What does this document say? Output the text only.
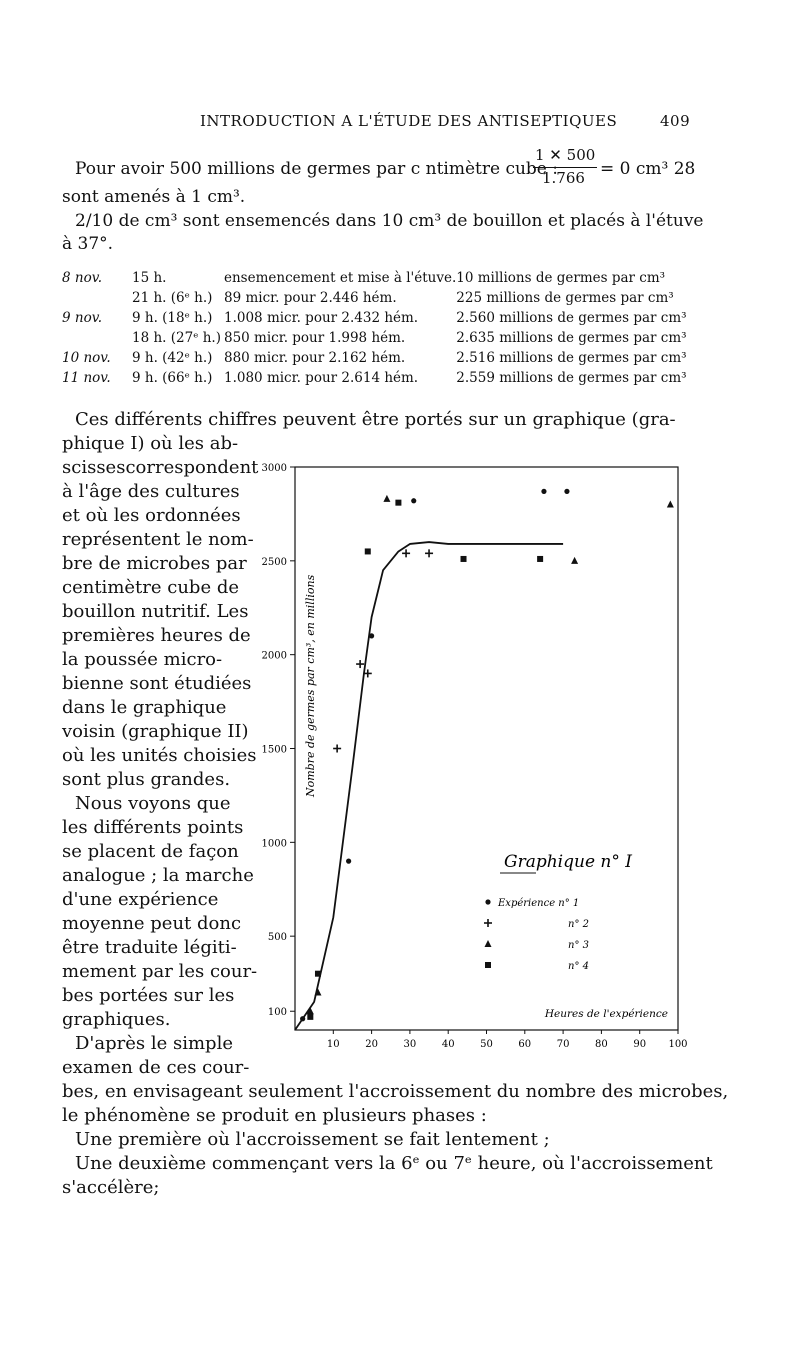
INTRODUCTION A L'ÉTUDE DES ANTISEPTIQUES	409
Pour avoir 500 millions de germes par c ntimètre cube :
1 ✕ 500
1.766 = 0 cm³ 28
sont amenés à 1 cm³.
2/10 de cm³ sont ensemencés dans 10 cm³ de bouillon et placés à l'étuve
à 37°.
8 nov.	15 h.	ensemencement et mise à l'étuve.	10 millions de germes par cm³
	21 h. (6ᵉ h.)	89 micr. pour 2.446 hém.	225 millions de germes par cm³
9 nov.	9 h. (18ᵉ h.)	1.008 micr. pour 2.432 hém.	2.560 millions de germes par cm³
	18 h. (27ᵉ h.)	850 micr. pour 1.998 hém.	2.635 millions de germes par cm³
10 nov.	9 h. (42ᵉ h.)	880 micr. pour 2.162 hém.	2.516 millions de germes par cm³
11 nov.	9 h. (66ᵉ h.)	1.080 micr. pour 2.614 hém.	2.559 millions de germes par cm³
Ces différents chiffres peuvent être portés sur un graphique (gra-
phique I) où les ab-
scissescorrespondent
à l'âge des cultures
et où les ordonnées
représentent le nom-
bre de microbes par
centimètre cube de
bouillon nutritif. Les
premières heures de
la poussée micro-
bienne sont étudiées
dans le graphique
voisin (graphique II)
où les unités choisies
sont plus grandes.
Nous voyons que
les différents points
se placent de façon
analogue ; la marche
d'une expérience
moyenne peut donc
être traduite légiti-
mement par les cour-
bes portées sur les
graphiques.
D'après le simple
examen de ces cour-
bes, en envisageant seulement l'accroissement du nombre des microbes,
le phénomène se produit en plusieurs phases :
Une première où l'accroissement se fait lentement ;
Une deuxième commençant vers la 6ᵉ ou 7ᵉ heure, où l'accroissement
s'accélère;
100
500
1000
1500
2000
2500
3000
10	20	30	40	50	60	70	80	90 100
Nombre de germes par cm³, en millions
Heures de l'expérience
Graphique n° I
Expérience n° 1
n° 2
n° 3
n° 4
